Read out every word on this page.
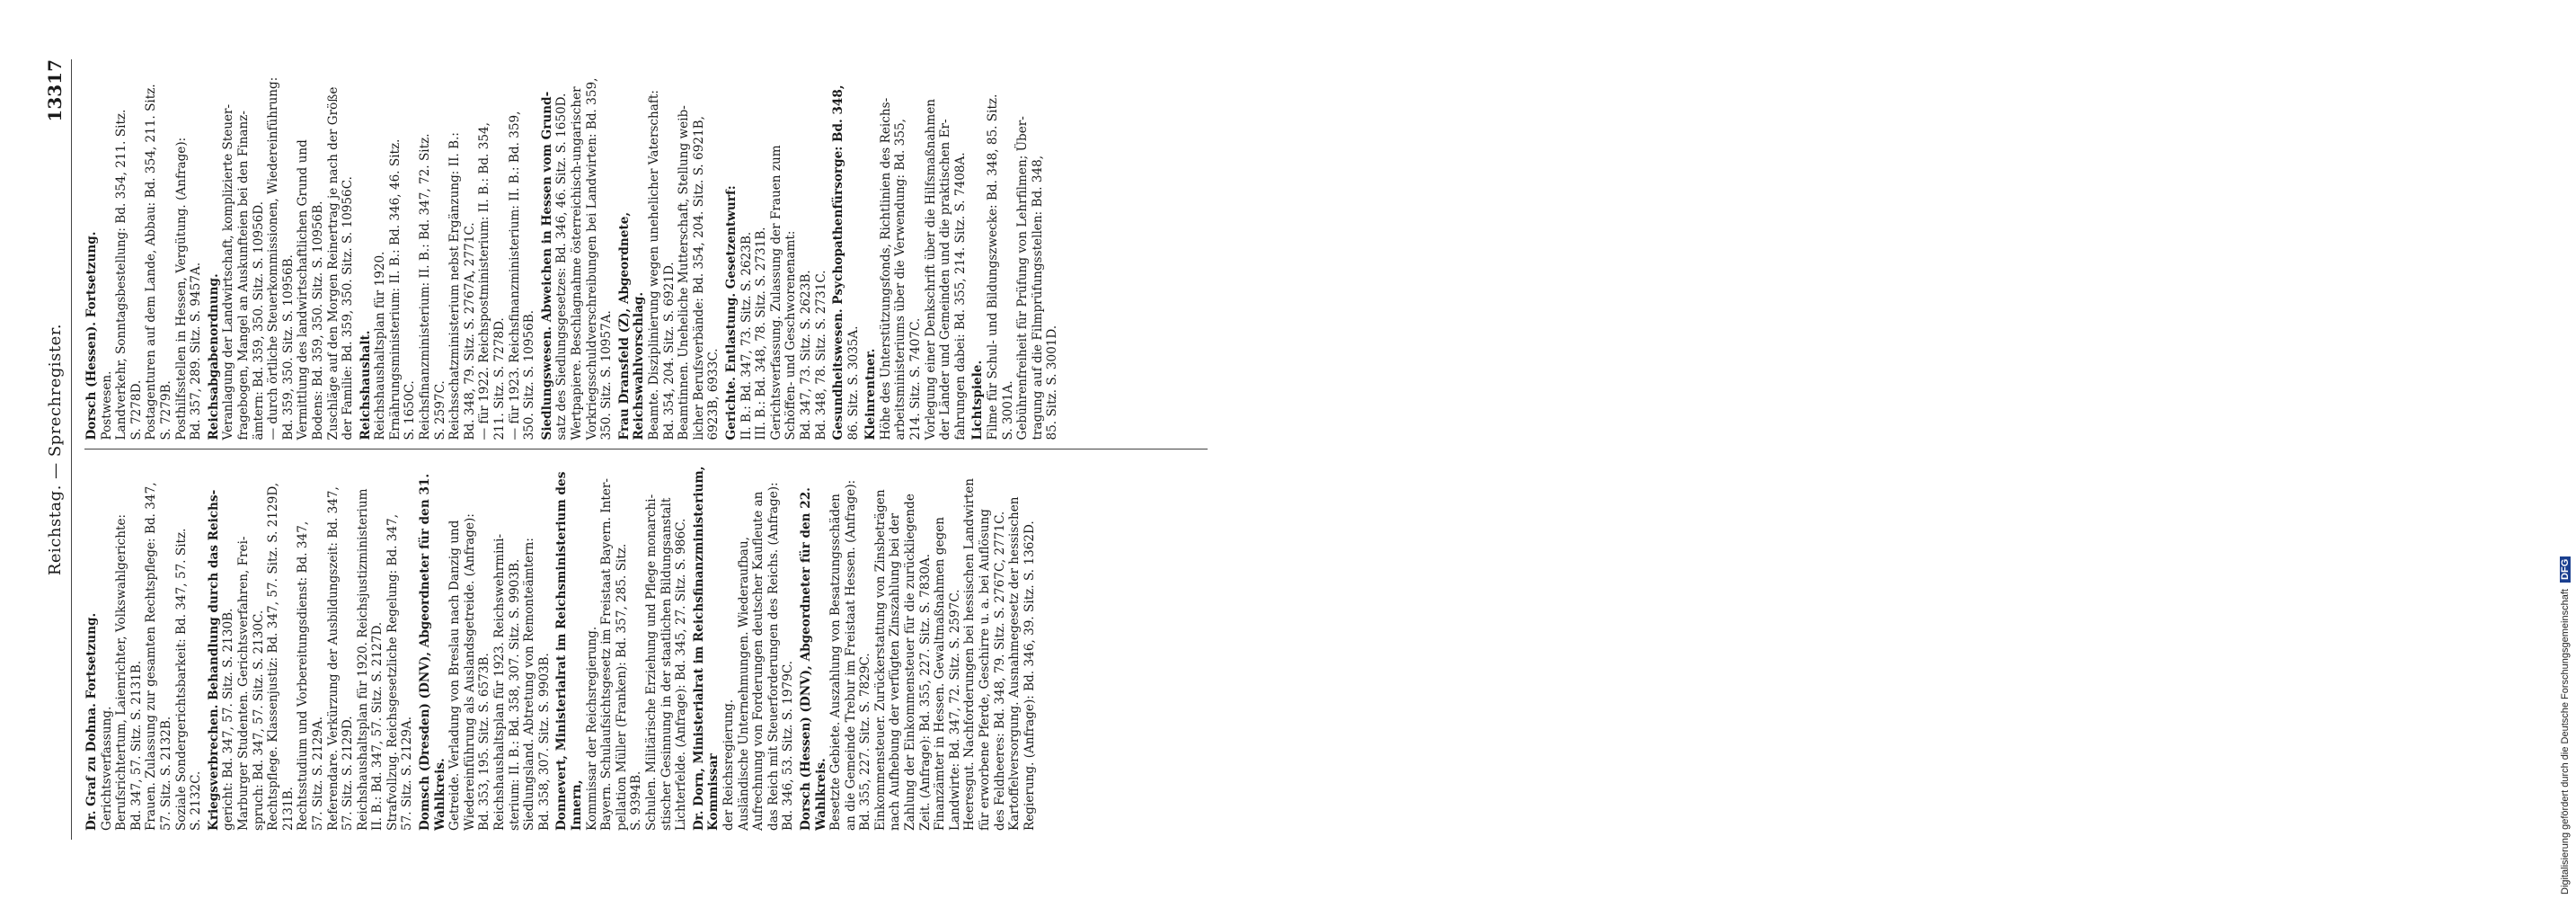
Reichstag. — Sprechregister.
13317
Dr. Graf zu Dohna. Fortsetzung. Gerichtsverfassung. Berufsrichtertum, Laienrichter, Volkswahlgerichte: Bd. 347, 57. Sitz. S. 2131B. Frauen. Zulassung zur gesamten Rechtspflege: Bd. 347, 57. Sitz. S. 2132B. Soziale Sondergerichtsbarkeit: Bd. 347, 57. Sitz. S. 2132C. Kriegsverbrechen. Behandlung durch das Reichs- gericht: Bd. 347, 57. Sitz. S. 2130B. Marburger Studenten. Gerichtsverfahren, Frei- spruch: Bd. 347, 57. Sitz. S. 2130C. Rechtspflege. Klassenjustiz: Bd. 347, 57. Sitz. S. 2129D, 2131B. Rechtsstudium und Vorbereitungsdienst: Bd. 347, 57. Sitz. S. 2129A. Referendare. Verkürzung der Ausbildungszeit: Bd. 347, 57. Sitz. S. 2129D. Reichshaushaltsplan für 1920. Reichsjustizministerium II. B.: Bd. 347, 57. Sitz. S. 2127D. Strafvollzug. Reichsgesetzliche Regelung: Bd. 347, 57. Sitz. S. 2129A. Domsch (Dresden) (DNV), Abgeordneter für den 31. Wahlkreis. Getreide. Verladung von Breslau nach Danzig und Wiedereinführung als Auslandsgetreide. (Anfrage): Bd. 353, 195. Sitz. S. 6573B. Reichshaushaltsplan für 1923. Reichswehrmini- sterium: II. B.: Bd. 358, 307. Sitz. S. 9903B. Siedlungsland. Abtretung von Remonteämtern: Bd. 358, 307. Sitz. S. 9903B. Donnevert, Ministerialrat im Reichsministerium des Innern, Kommissar der Reichsregierung. Bayern. Schulaufsichtsgesetz im Freistaat Bayern. Inter- pellation Müller (Franken): Bd. 357, 285. Sitz. S. 9394B. Schulen. Militärische Erziehung und Pflege monarchi- stischer Gesinnung in der staatlichen Bildungsanstalt Lichterfelde. (Anfrage): Bd. 345, 27. Sitz. S. 986C. Dr. Dorn, Ministerialrat im Reichsfinanzministerium, Kommissar der Reichsregierung. Ausländische Unternehmungen. Wiederaufbau, Aufrechnung von Forderungen deutscher Kaufleute an das Reich mit Steuerforderungen des Reichs. (Anfrage): Bd. 346, 53. Sitz. S. 1979C. Dorsch (Hessen) (DNV), Abgeordneter für den 22. Wahlkreis. Besetzte Gebiete. Auszahlung von Besatzungsschäden an die Gemeinde Trebur im Freistaat Hessen. (Anfrage): Bd. 355, 227. Sitz. S. 7829C. Einkommensteuer. Zurückerstattung von Zinsbeträgen nach Aufhebung der verfügten Zinszahlung bei der Zahlung der Einkommensteuer für die zurückliegende Zeit. (Anfrage): Bd. 355, 227. Sitz. S. 7830A. Finanzämter in Hessen. Gewaltmaßnahmen gegen Landwirte: Bd. 347, 72. Sitz. S. 2597C. Heeresgut. Nachforderungen bei hessischen Landwirten für erworbene Pferde, Geschirre u. a. bei Auflösung des Feldheeres: Bd. 348, 79. Sitz. S. 2767C, 2771C. Kartoffelversorgung. Ausnahmegesetz der hessischen Regierung. (Anfrage): Bd. 346, 39. Sitz. S. 1362D.
Dorsch (Hessen). Fortsetzung. Postwesen. Landverkehr, Sonntagsbestellung: Bd. 354, 211. Sitz. S. 7278D. Postagenturen auf dem Lande, Abbau: Bd. 354, 211. Sitz. S. 7279B. Posthilfsstellen in Hessen, Vergütung. (Anfrage): Bd. 357, 289. Sitz. S. 9457A. Reichsabgabenordnung. Veranlagung der Landwirtschaft, komplizierte Steuer- fragebogen, Mangel an Auskunfteien bei den Finanz- ämtern: Bd. 359, 350. Sitz. S. 10956D. — durch örtliche Steuerkommissionen, Wiedereinführung: Bd. 359, 350. Sitz. S. 10956B. Vermittlung des landwirtschaftlichen Grund und Bodens: Bd. 359, 350. Sitz. S. 10956B. Zuschläge auf den Morgen Reinertrag je nach der Größe der Familie: Bd. 359, 350. Sitz. S. 10956C. Reichshaushalt. Reichshaushaltsplan für 1920. Ernährungsministerium: II. B.: Bd. 346, 46. Sitz. S. 1650C. Reichsfinanzministerium: II. B.: Bd. 347, 72. Sitz. S. 2597C. Reichsschatzministerium nebst Ergänzung: II. B.: Bd. 348, 79. Sitz. S. 2767A, 2771C. — für 1922. Reichspostministerium: II. B.: Bd. 354, 211. Sitz. S. 7278D. — für 1923. Reichsfinanzministerium: II. B.: Bd. 359, 350. Sitz. S. 10956B. Siedlungswesen. Abweichen in Hessen vom Grund- satz des Siedlungsgesetzes: Bd. 346, 46. Sitz. S. 1650D. Wertpapiere. Beschlagnahme österreichisch-ungarischer Vorkriegsschuldverschreibungen bei Landwirten: Bd. 359, 350. Sitz. S. 10957A. Frau Dransfeld (Z), Abgeordnete, Reichswahlvorschlag. Beamte. Disziplinierung wegen unehelicher Vaterschaft: Bd. 354, 204. Sitz. S. 6921D. Beamtinnen. Uneheliche Mutterschaft, Stellung weib- licher Berufsverbände: Bd. 354, 204. Sitz. S. 6921B, 6923B, 6933C. Gerichte. Entlastung. Gesetzentwurf: II. B.: Bd. 347, 73. Sitz. S. 2623B. III. B.: Bd. 348, 78. Sitz. S. 2731B. Gerichtsverfassung. Zulassung der Frauen zum Schöffen- und Geschworenenamt: Bd. 347, 73. Sitz. S. 2623B. Bd. 348, 78. Sitz. S. 2731C. Gesundheitswesen. Psychopathenfürsorge: Bd. 348, 86. Sitz. S. 3035A. Kleinrentner. Höhe des Unterstützungsfonds, Richtlinien des Reichs- arbeitsministeriums über die Verwendung: Bd. 355, 214. Sitz. S. 7407C. Vorlegung einer Denkschrift über die Hilfsmaßnahmen der Länder und Gemeinden und die praktischen Er- fahrungen dabei: Bd. 355, 214. Sitz. S. 7408A. Lichtspiele. Filme für Schul- und Bildungszwecke: Bd. 348, 85. Sitz. S. 3001A. Gebührenfreiheit für Prüfung von Lehrfilmen; Über- tragung auf die Filmprüfungsstellen: Bd. 348, 85. Sitz. S. 3001D.
Digitalisierung gefördert durch die Deutsche Forschungsgemeinschaft DFG
